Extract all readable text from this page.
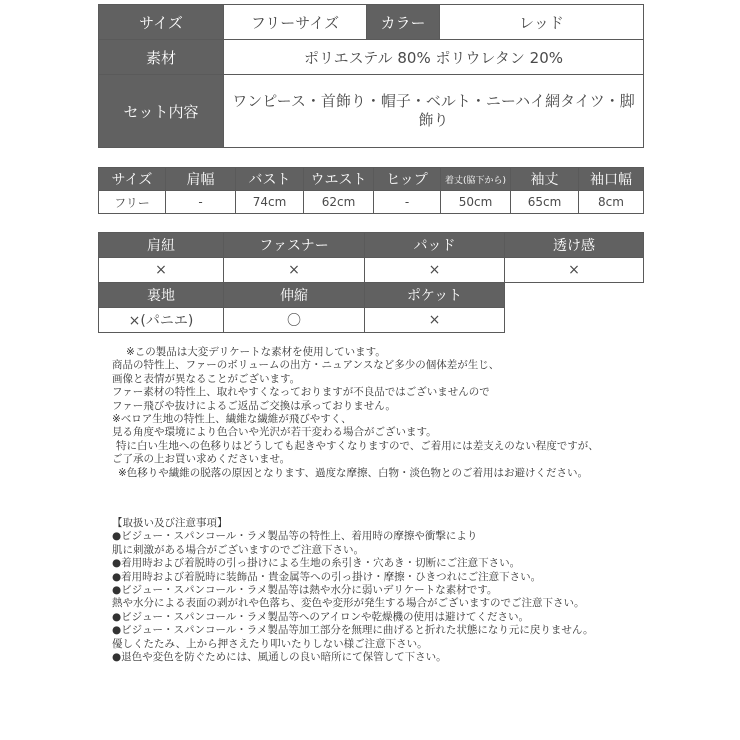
サイズ	フリーサイズ	カラー	レッド
素材	ポリエステル 80% ポリウレタン 20%		
セット内容	ワンピース・首飾り・帽子・ベルト・ニーハイ網タイツ・脚飾り		
サイズ	肩幅	バスト	ウエスト	ヒップ	着丈(脇下から)	袖丈	袖口幅
フリー	-	74cm	62cm	-	50cm	65cm	8cm
肩紐	ファスナー	パッド	透け感
×	×	×	×
裏地	伸縮	ポケット	
×(パニエ)	〇	×	
※この製品は大変デリケートな素材を使用しています。
商品の特性上、ファーのボリュームの出方・ニュアンスなど多少の個体差が生じ、
画像と表情が異なることがございます。
ファー素材の特性上、取れやすくなっておりますが不良品ではございませんので
ファー飛びや抜けによるご返品ご交換は承っておりません。
※ベロア生地の特性上、繊維な繊維が飛びやすく、
見る角度や環境により色合いや光沢が若干変わる場合がございます。
特に白い生地への色移りはどうしても起きやすくなりますので、ご着用には差支えのない程度ですが、
ご了承の上お買い求めくださいませ。
※色移りや繊維の脱落の原因となります、過度な摩擦、白物・淡色物とのご着用はお避けください。
【取扱い及び注意事項】
●ビジュー・スパンコール・ラメ製品等の特性上、着用時の摩擦や衝撃により
肌に刺激がある場合がございますのでご注意下さい。
●着用時および着脱時の引っ掛けによる生地の糸引き・穴あき・切断にご注意下さい。
●着用時および着脱時に装飾品・貴金属等への引っ掛け・摩擦・ひきつれにご注意下さい。
●ビジュー・スパンコール・ラメ製品等は熱や水分に弱いデリケートな素材です。
熱や水分による表面の剥がれや色落ち、変色や変形が発生する場合がございますのでご注意下さい。
●ビジュー・スパンコール・ラメ製品等へのアイロンや乾燥機の使用は避けてください。
●ビジュー・スパンコール・ラメ製品等加工部分を無理に曲げると折れた状態になり元に戻りません。
優しくたたみ、上から押さえたり叩いたりしない様ご注意下さい。
●退色や変色を防ぐためには、風通しの良い暗所にて保管して下さい。
